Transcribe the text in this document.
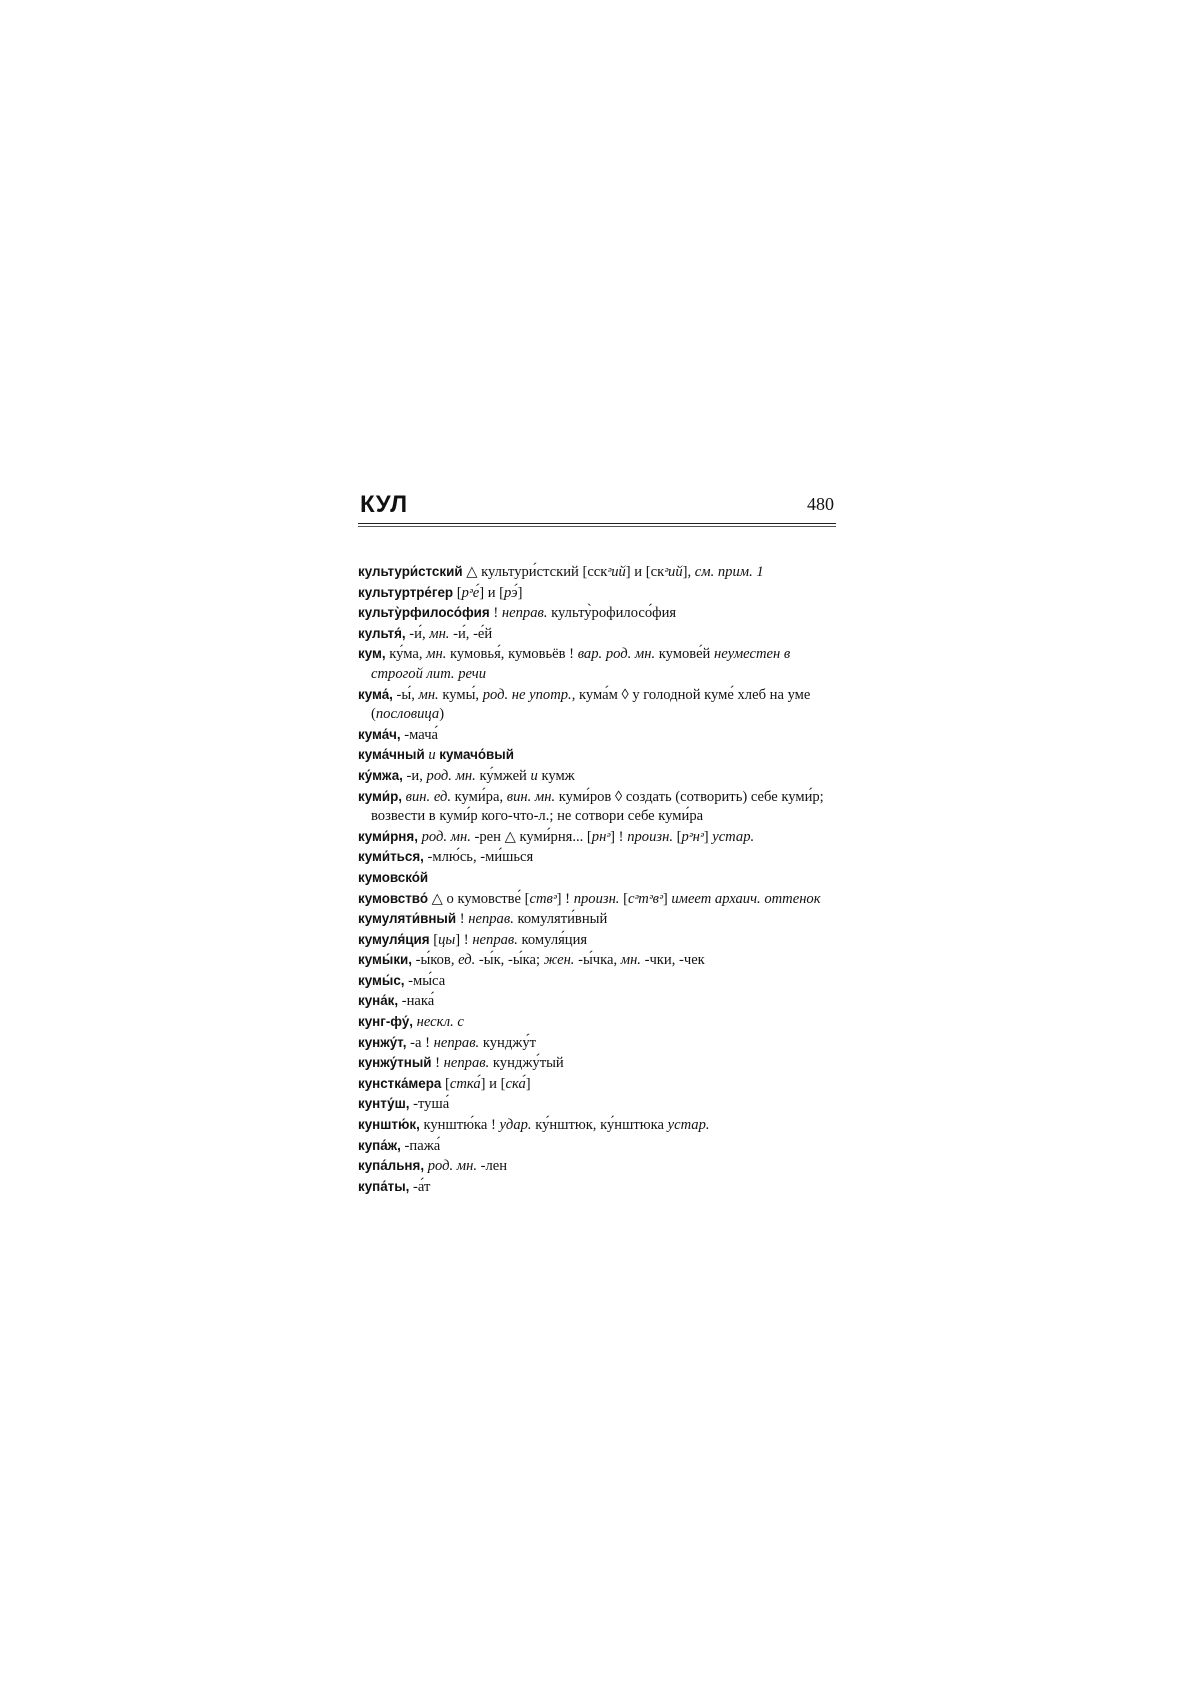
КУЛ	480
культури́стский △ культури́стский [сскᵊий] и [скᵊий], см. прим. 1
культуртре́гер [рᵊе́] и [рэ́]
культу̀рфилосо́фия ! неправ. культу̀рофилосо́фия
культя́, -и́, мн. -и́, -е́й
кум, ку́ма, мн. кумовья́, кумовьёв ! вар. род. мн. кумове́й неуместен в строгой лит. речи
кума́, -ы́, мн. кумы́, род. не употр., кума́м ◊ у голодной куме́ хлеб на уме (пословица)
кума́ч, -мача́
кума́чный и кумачо́вый
ку́мжа, -и, род. мн. ку́мжей и кумж
куми́р, вин. ед. куми́ра, вин. мн. куми́ров ◊ создать (сотворить) себе куми́р; возвести в куми́р кого-что-л.; не сотвори себе куми́ра
куми́рня, род. мн. -рен △ куми́рня... [рнᵊ] ! произн. [рᵊнᵊ] устар.
куми́ться, -млю́сь, -ми́шься
кумовско́й
кумовство́ △ о кумовстве́ [ствᵊ] ! произн. [сᵊтᵊвᵊ] имеет архаич. оттенок
кумуляти́вный ! неправ. комуляти́вный
кумуля́ция [цы] ! неправ. комуля́ция
кумы́ки, -ы́ков, ед. -ы́к, -ы́ка; жен. -ы́чка, мн. -чки, -чек
кумы́с, -мы́са
куна́к, -нака́
кунг-фу́, нескл. с
кунжу́т, -а ! неправ. кунджу́т
кунжу́тный ! неправ. кунджу́тый
кунстка́мера [стка́] и [ска́]
кунту́ш, -туша́
кунштю́к, кунштю́ка ! удар. ку́нштюк, ку́нштюка устар.
купа́ж, -пажа́
купа́льня, род. мн. -лен
купа́ты, -а́т
